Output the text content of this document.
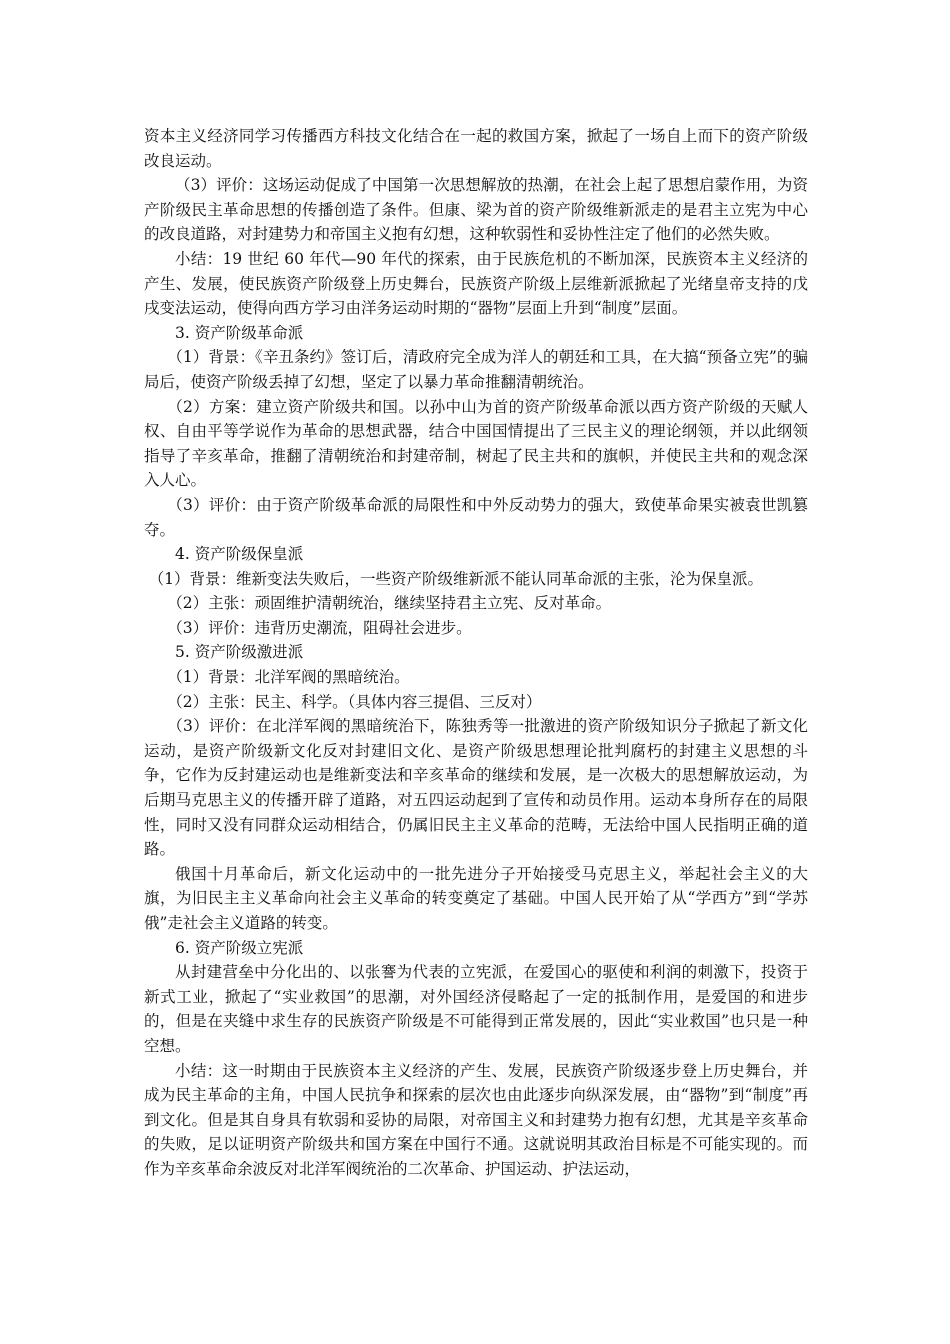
资本主义经济同学习传播西方科技文化结合在一起的救国方案，掀起了一场自上而下的资产阶级改良运动。

（3）评价：这场运动促成了中国第一次思想解放的热潮，在社会上起了思想启蒙作用，为资产阶级民主革命思想的传播创造了条件。但康、梁为首的资产阶级维新派走的是君主立宪为中心的改良道路，对封建势力和帝国主义抱有幻想，这种软弱性和妥协性注定了他们的必然失败。

小结：19 世纪 60 年代—90 年代的探索，由于民族危机的不断加深，民族资本主义经济的产生、发展，使民族资产阶级登上历史舞台，民族资产阶级上层维新派掀起了光绪皇帝支持的戊戌变法运动，使得向西方学习由洋务运动时期的“器物”层面上升到“制度”层面。

3. 资产阶级革命派

（1）背景：《辛丑条约》签订后，清政府完全成为洋人的朝廷和工具，在大搞“预备立宪”的骗局后，使资产阶级丢掉了幻想，坚定了以暴力革命推翻清朝统治。

（2）方案：建立资产阶级共和国。以孙中山为首的资产阶级革命派以西方资产阶级的天赋人权、自由平等学说作为革命的思想武器，结合中国国情提出了三民主义的理论纲领，并以此纲领指导了辛亥革命，推翻了清朝统治和封建帝制，树起了民主共和的旗帜，并使民主共和的观念深入人心。

（3）评价：由于资产阶级革命派的局限性和中外反动势力的强大，致使革命果实被袁世凯篡夺。

4. 资产阶级保皇派

（1）背景：维新变法失败后，一些资产阶级维新派不能认同革命派的主张，沦为保皇派。

（2）主张：顽固维护清朝统治，继续坚持君主立宪、反对革命。

（3）评价：违背历史潮流，阻碍社会进步。

5. 资产阶级激进派

（1）背景：北洋军阀的黑暗统治。

（2）主张：民主、科学。（具体内容三提倡、三反对）

（3）评价：在北洋军阀的黑暗统治下，陈独秀等一批激进的资产阶级知识分子掀起了新文化运动，是资产阶级新文化反对封建旧文化、是资产阶级思想理论批判腐朽的封建主义思想的斗争，它作为反封建运动也是维新变法和辛亥革命的继续和发展，是一次极大的思想解放运动，为后期马克思主义的传播开辟了道路，对五四运动起到了宣传和动员作用。运动本身所存在的局限性，同时又没有同群众运动相结合，仍属旧民主主义革命的范畴，无法给中国人民指明正确的道路。

俄国十月革命后，新文化运动中的一批先进分子开始接受马克思主义，举起社会主义的大旗，为旧民主主义革命向社会主义革命的转变奠定了基础。中国人民开始了从“学西方”到“学苏俄”走社会主义道路的转变。

6. 资产阶级立宪派

从封建营垒中分化出的、以张謇为代表的立宪派，在爱国心的驱使和利润的刺激下，投资于新式工业，掀起了“实业救国”的思潮，对外国经济侵略起了一定的抵制作用，是爱国的和进步的，但是在夹缝中求生存的民族资产阶级是不可能得到正常发展的，因此“实业救国”也只是一种空想。

小结：这一时期由于民族资本主义经济的产生、发展，民族资产阶级逐步登上历史舞台，并成为民主革命的主角，中国人民抗争和探索的层次也由此逐步向纵深发展，由“器物”到“制度”再到文化。但是其自身具有软弱和妥协的局限，对帝国主义和封建势力抱有幻想，尤其是辛亥革命的失败，足以证明资产阶级共和国方案在中国行不通。这就说明其政治目标是不可能实现的。而作为辛亥革命余波反对北洋军阀统治的二次革命、护国运动、护法运动，
